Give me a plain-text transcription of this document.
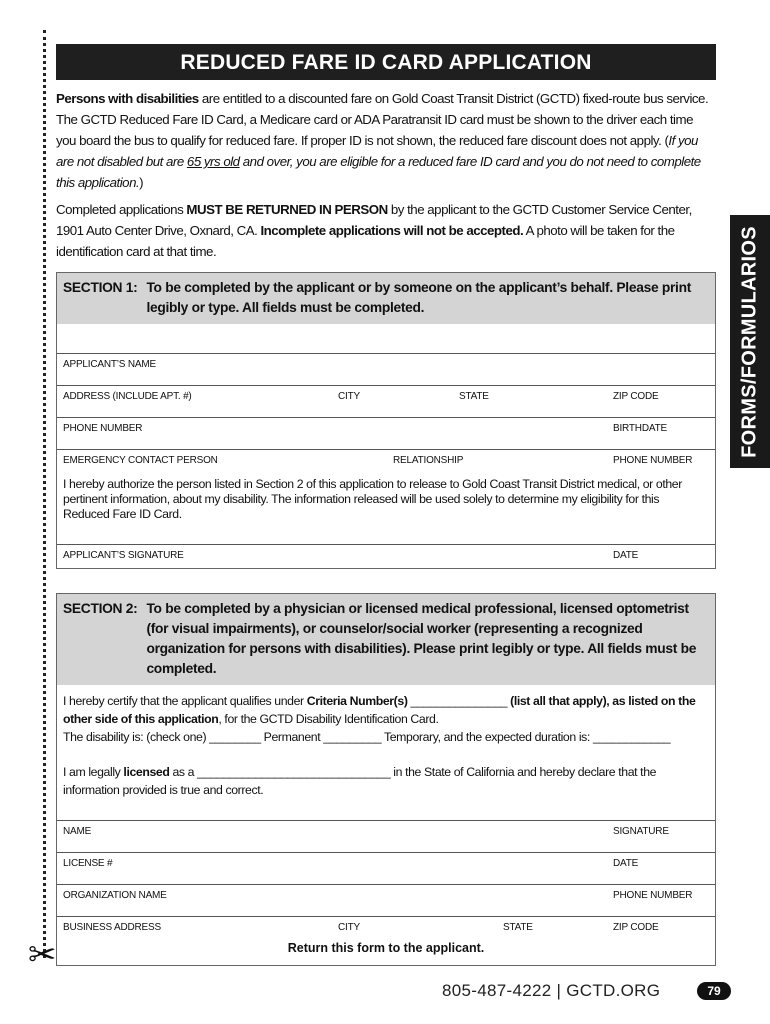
✂
REDUCED FARE ID CARD APPLICATION

Persons with disabilities are entitled to a discounted fare on Gold Coast Transit District (GCTD) fixed-route bus service. The GCTD Reduced Fare ID Card, a Medicare card or ADA Paratransit ID card must be shown to the driver each time you board the bus to qualify for reduced fare. If proper ID is not shown, the reduced fare discount does not apply. (If you are not disabled but are 65 yrs old and over, you are eligible for a reduced fare ID card and you do not need to complete this application.)

Completed applications MUST BE RETURNED IN PERSON by the applicant to the GCTD Customer Service Center, 1901 Auto Center Drive, Oxnard, CA. Incomplete applications will not be accepted. A photo will be taken for the identification card at that time.

SECTION 1: To be completed by the applicant or by someone on the applicant’s behalf. Please print legibly or type. All fields must be completed.
APPLICANT’S NAME
ADDRESS (INCLUDE APT. #)	CITY	STATE	ZIP CODE
PHONE NUMBER	BIRTHDATE
EMERGENCY CONTACT PERSON	RELATIONSHIP	PHONE NUMBER
I hereby authorize the person listed in Section 2 of this application to release to Gold Coast Transit District medical, or other pertinent information, about my disability. The information released will be used solely to determine my eligibility for this Reduced Fare ID Card.
APPLICANT’S SIGNATURE	DATE
SECTION 2: To be completed by a physician or licensed medical professional, licensed optometrist (for visual impairments), or counselor/social worker (representing a recognized organization for persons with disabilities). Please print legibly or type. All fields must be completed.
I hereby certify that the applicant qualifies under Criteria Number(s) _______________ (list all that apply), as listed on the other side of this application, for the GCTD Disability Identification Card.
The disability is: (check one) ________ Permanent _________ Temporary, and the expected duration is: ____________
I am legally licensed as a ______________________________ in the State of California and hereby declare that the information provided is true and correct.
NAME	SIGNATURE
LICENSE #	DATE
ORGANIZATION NAME	PHONE NUMBER
BUSINESS ADDRESS	CITY	STATE	ZIP CODE
Return this form to the applicant.
FORMS/FORMULARIOS
805-487-4222 | GCTD.ORG	79
